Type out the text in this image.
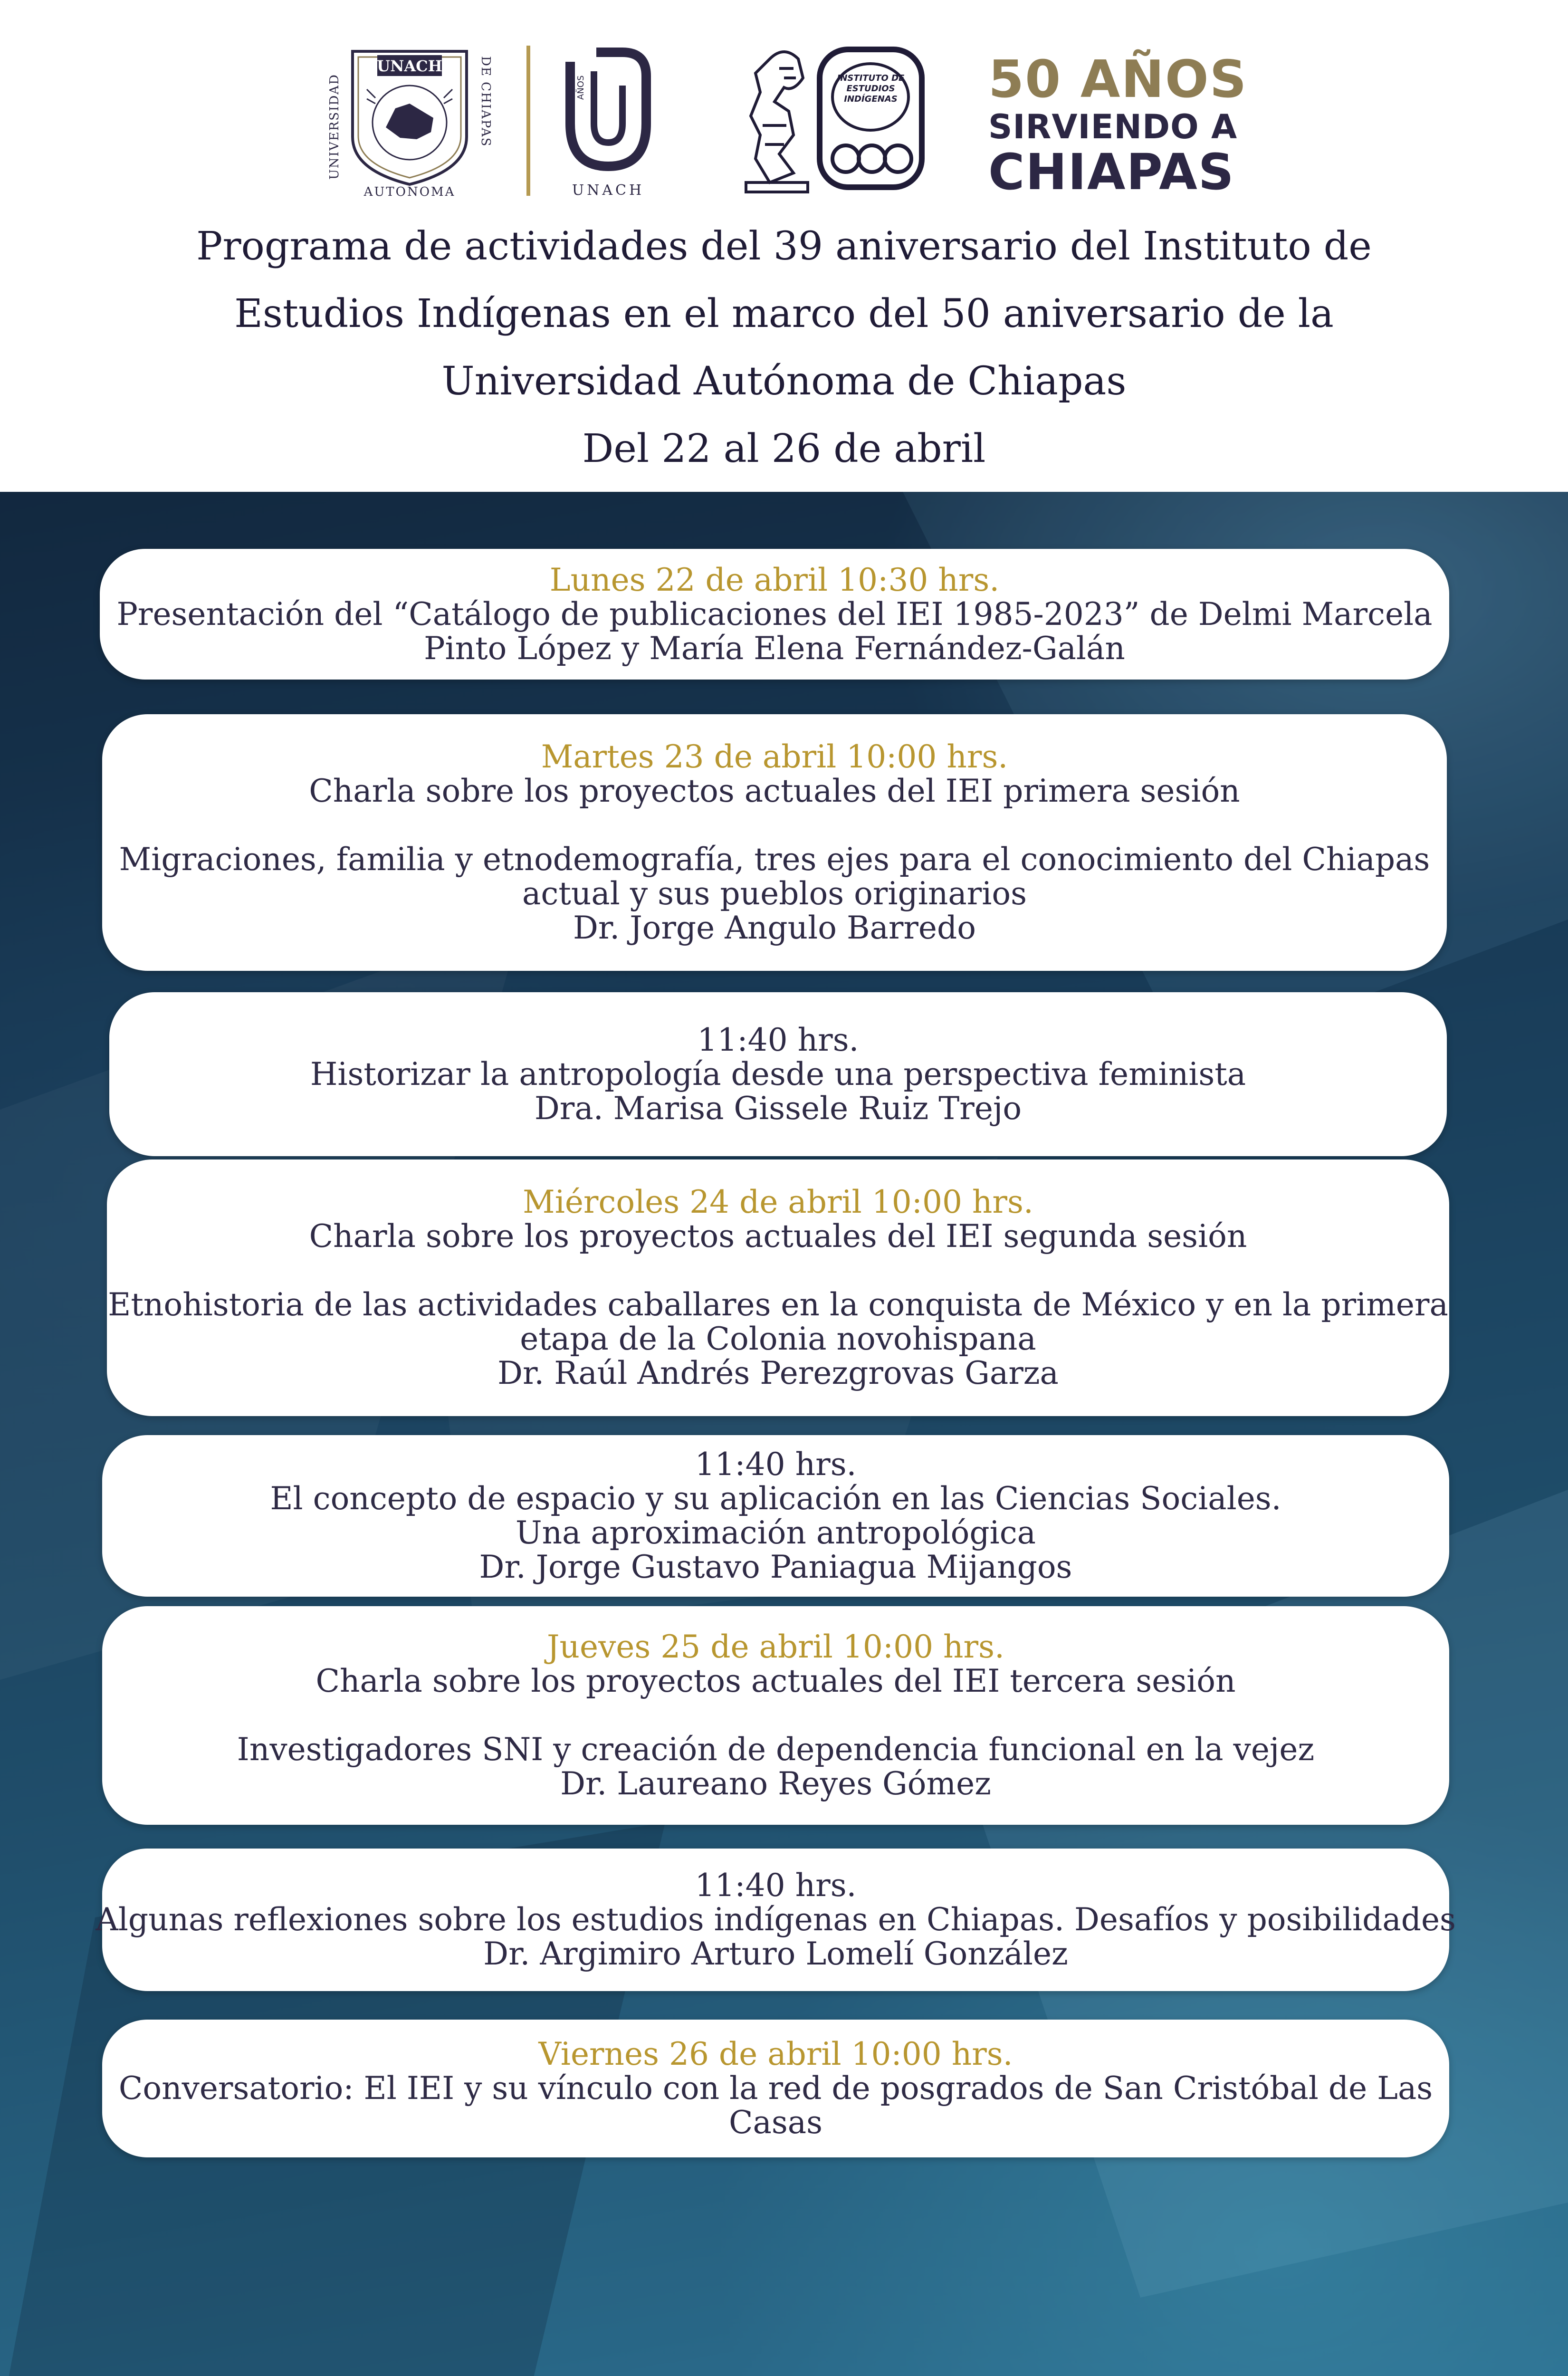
UNIVERSIDAD
DE CHIAPAS
UNACH
AUTONOMA
AÑOS
UNACH
INSTITUTO DE ESTUDIOS INDÍGENAS 50 AÑOS
SIRVIENDO A
CHIAPAS
Programa de actividades del 39 aniversario del Instituto de
Estudios Indígenas en el marco del 50 aniversario de la
Universidad Autónoma de Chiapas
Del 22 al 26 de abril
Lunes 22 de abril 10:30 hrs.
Presentación del “Catálogo de publicaciones del IEI 1985-2023” de Delmi Marcela
Pinto López y María Elena Fernández-Galán
Martes 23 de abril 10:00 hrs.
Charla sobre los proyectos actuales del IEI primera sesión
Migraciones, familia y etnodemografía, tres ejes para el conocimiento del Chiapas
actual y sus pueblos originarios
Dr. Jorge Angulo Barredo
11:40 hrs.
Historizar la antropología desde una perspectiva feminista
Dra. Marisa Gissele Ruiz Trejo
Miércoles 24 de abril 10:00 hrs.
Charla sobre los proyectos actuales del IEI segunda sesión
Etnohistoria de las actividades caballares en la conquista de México y en la primera
etapa de la Colonia novohispana
Dr. Raúl Andrés Perezgrovas Garza
11:40 hrs.
El concepto de espacio y su aplicación en las Ciencias Sociales.
Una aproximación antropológica
Dr. Jorge Gustavo Paniagua Mijangos
Jueves 25 de abril 10:00 hrs.
Charla sobre los proyectos actuales del IEI tercera sesión
Investigadores SNI y creación de dependencia funcional en la vejez
Dr. Laureano Reyes Gómez
11:40 hrs.
Algunas reflexiones sobre los estudios indígenas en Chiapas. Desafíos y posibilidades
Dr. Argimiro Arturo Lomelí González
Viernes 26 de abril 10:00 hrs.
Conversatorio: El IEI y su vínculo con la red de posgrados de San Cristóbal de Las
Casas
